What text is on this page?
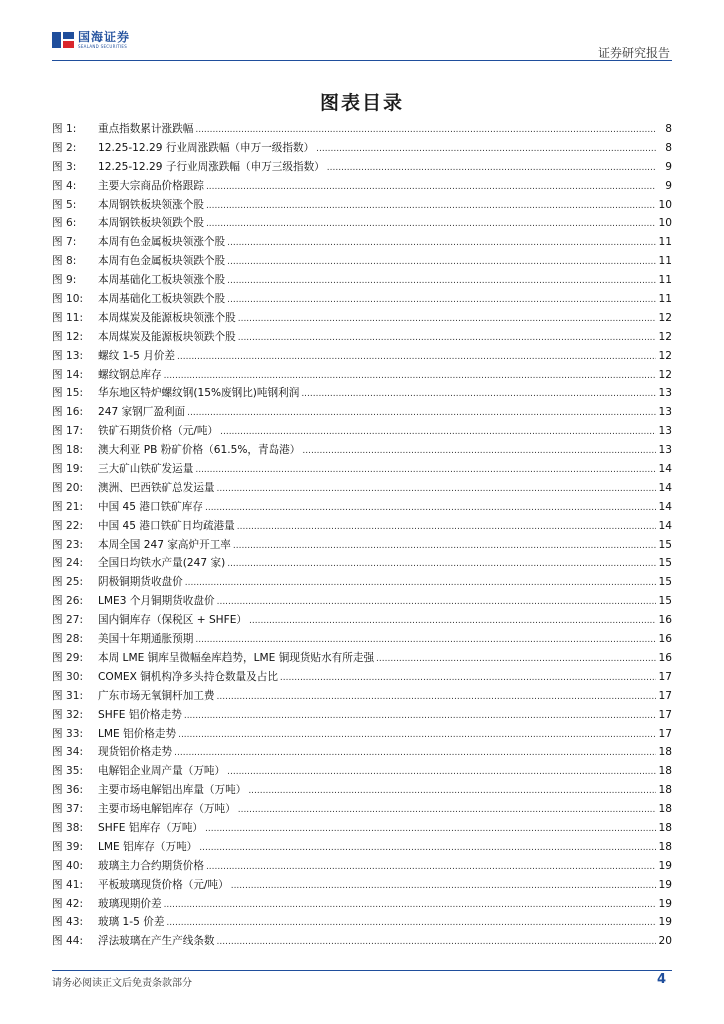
国海证券
SEALAND SECURITIES	证券研究报告
图表目录
图 1:	重点指数累计涨跌幅 .....	8
图 2:	12.25-12.29 行业周涨跌幅（申万一级指数） .....	8
图 3:	12.25-12.29 子行业周涨跌幅（申万三级指数） .....	9
图 4:	主要大宗商品价格跟踪 .....	9
图 5:	本周钢铁板块领涨个股 .....	10
图 6:	本周钢铁板块领跌个股 .....	10
图 7:	本周有色金属板块领涨个股 .....	11
图 8:	本周有色金属板块领跌个股 .....	11
图 9:	本周基础化工板块领涨个股 .....	11
图 10:	本周基础化工板块领跌个股 .....	11
图 11:	本周煤炭及能源板块领涨个股 .....	12
图 12:	本周煤炭及能源板块领跌个股 .....	12
图 13:	螺纹 1-5 月价差 .....	12
图 14:	螺纹钢总库存 .....	12
图 15:	华东地区特炉螺纹钢(15%废钢比)吨钢利润 .....	13
图 16:	247 家钢厂盈利面 .....	13
图 17:	铁矿石期货价格（元/吨） .....	13
图 18:	澳大利亚 PB 粉矿价格（61.5%，青岛港） .....	13
图 19:	三大矿山铁矿发运量 .....	14
图 20:	澳洲、巴西铁矿总发运量 .....	14
图 21:	中国 45 港口铁矿库存 .....	14
图 22:	中国 45 港口铁矿日均疏港量 .....	14
图 23:	本周全国 247 家高炉开工率 .....	15
图 24:	全国日均铁水产量(247 家) .....	15
图 25:	阴极铜期货收盘价 .....	15
图 26:	LME3 个月铜期货收盘价 .....	15
图 27:	国内铜库存（保税区 + SHFE） .....	16
图 28:	美国十年期通胀预期 .....	16
图 29:	本周 LME 铜库呈微幅垒库趋势，LME 铜现货贴水有所走强 .....	16
图 30:	COMEX 铜机构净多头持仓数量及占比 .....	17
图 31:	广东市场无氧铜杆加工费 .....	17
图 32:	SHFE 铝价格走势 .....	17
图 33:	LME 铝价格走势 .....	17
图 34:	现货铝价格走势 .....	18
图 35:	电解铝企业周产量（万吨） .....	18
图 36:	主要市场电解铝出库量（万吨） .....	18
图 37:	主要市场电解铝库存（万吨） .....	18
图 38:	SHFE 铝库存（万吨） .....	18
图 39:	LME 铝库存（万吨） .....	18
图 40:	玻璃主力合约期货价格 .....	19
图 41:	平板玻璃现货价格（元/吨） .....	19
图 42:	玻璃现期价差 .....	19
图 43:	玻璃 1-5 价差 .....	19
图 44:	浮法玻璃在产生产线条数 .....	20
请务必阅读正文后免责条款部分	4
